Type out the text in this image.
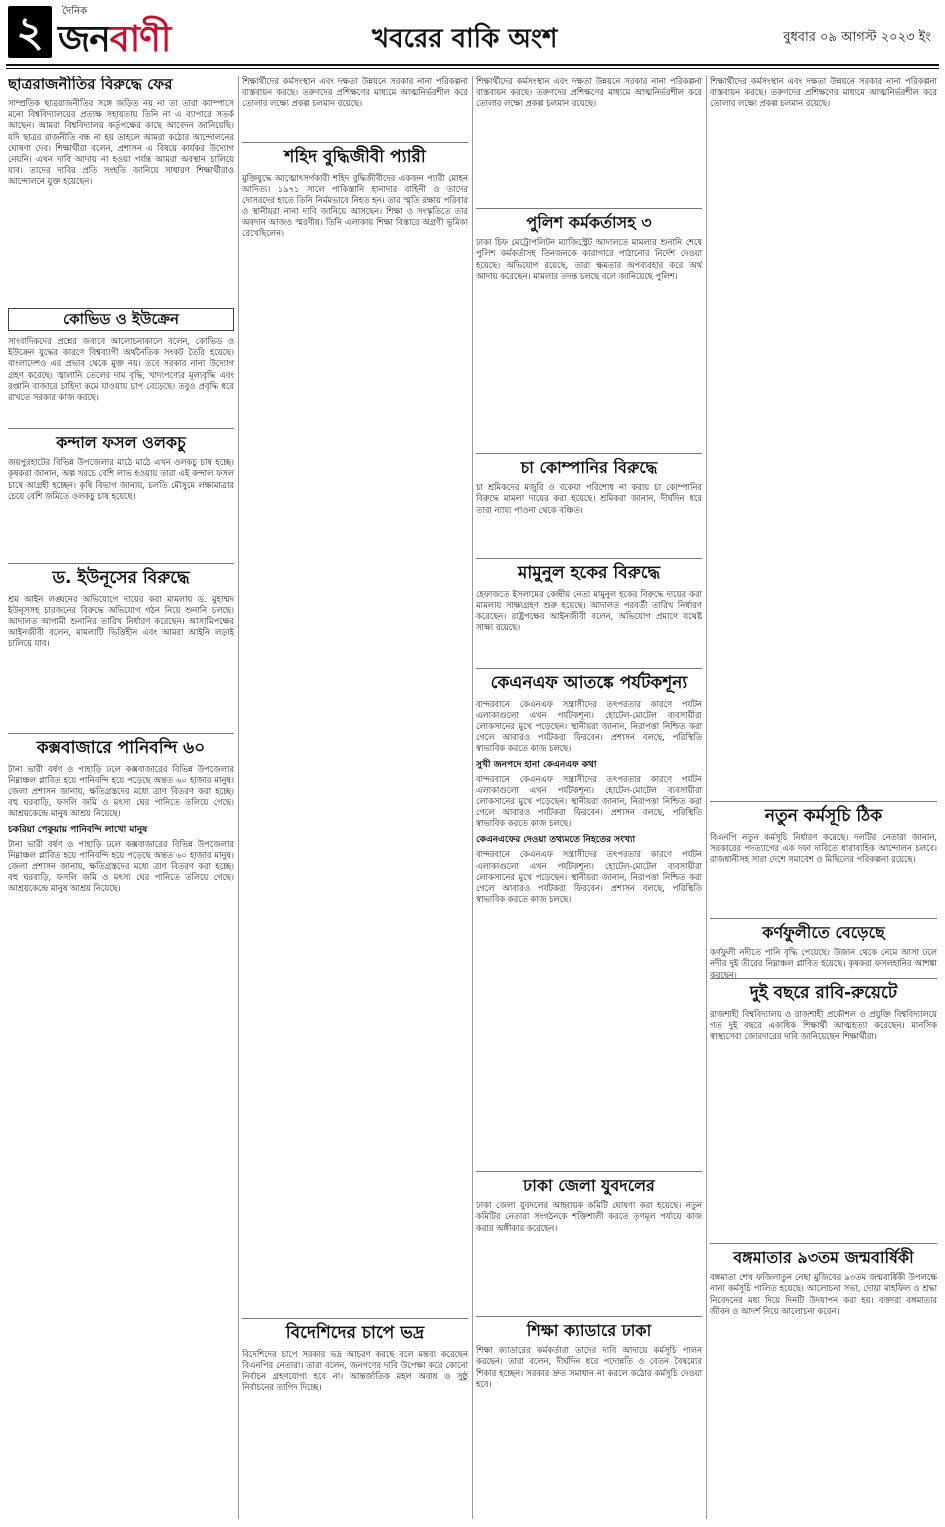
২	দৈনিক
জনবাণী	খবরের বাকি অংশ	বুধবার ০৯ আগস্ট ২০২৩ ইং
ছাত্ররাজনীতির বিরুদ্ধে ফের

সাম্প্রতিক ছাত্ররাজনীতির সঙ্গে জড়িত নয় না তা তারা ক্যাম্পাসে মনো বিশ্ববিদ্যালয়ের প্রত্যক্ষ সহায়তায় তিনি না এ ব্যাপারে সতর্ক আছেন। আমরা বিশ্ববিদ্যালয় কর্তৃপক্ষের কাছে আবেদন জানিয়েছি। যদি ছাত্রর রাজনীতি বন্ধ না হয় তাহলে আমরা কঠোর আন্দোলনের ঘোষণা দেব। শিক্ষার্থীরা বলেন, প্রশাসন এ বিষয়ে কার্যকর উদ্যোগ নেয়নি। এখন দাবি আদায় না হওয়া পর্যন্ত আমরা অবস্থান চালিয়ে যাব। তাদের দাবির প্রতি সংহতি জানিয়ে সাধারণ শিক্ষার্থীরাও আন্দোলনে যুক্ত হয়েছেন।

কোভিড ও ইউক্রেন

সাংবাদিকদের প্রশ্নের জবাবে আলোচনাকালে বলেন, কোভিড ও ইউক্রেন যুদ্ধের কারণে বিশ্বব্যাপী অর্থনৈতিক সংকট তৈরি হয়েছে। বাংলাদেশও এর প্রভাব থেকে মুক্ত নয়। তবে সরকার নানা উদ্যোগ গ্রহণ করেছে। জ্বালানি তেলের দাম বৃদ্ধি, খাদ্যপণ্যের মূল্যবৃদ্ধি এবং রপ্তানি বাজারে চাহিদা কমে যাওয়ায় চাপ বেড়েছে। তবুও প্রবৃদ্ধি ধরে রাখতে সরকার কাজ করছে।

কন্দাল ফসল ওলকচু

জয়পুরহাটের বিভিন্ন উপজেলার মাঠে মাঠে এখন ওলকচু চাষ হচ্ছে। কৃষকরা জানান, অল্প খরচে বেশি লাভ হওয়ায় তারা এই কন্দাল ফসল চাষে আগ্রহী হচ্ছেন। কৃষি বিভাগ জানায়, চলতি মৌসুমে লক্ষ্যমাত্রার চেয়ে বেশি জমিতে ওলকচু চাষ হয়েছে।

ড. ইউনূসের বিরুদ্ধে

শ্রম আইন লঙ্ঘনের অভিযোগে দায়ের করা মামলায় ড. মুহাম্মদ ইউনূসসহ চারজনের বিরুদ্ধে অভিযোগ গঠন নিয়ে শুনানি চলছে। আদালত আগামী শুনানির তারিখ নির্ধারণ করেছেন। আসামিপক্ষের আইনজীবী বলেন, মামলাটি ভিত্তিহীন এবং আমরা আইনি লড়াই চালিয়ে যাব।

কক্সবাজারে পানিবন্দি ৬০

টানা ভারী বর্ষণ ও পাহাড়ি ঢলে কক্সবাজারের বিভিন্ন উপজেলার নিম্নাঞ্চল প্লাবিত হয়ে পানিবন্দি হয়ে পড়েছে অন্তত ৬০ হাজার মানুষ। জেলা প্রশাসন জানায়, ক্ষতিগ্রস্তদের মধ্যে ত্রাণ বিতরণ করা হচ্ছে। বহু ঘরবাড়ি, ফসলি জমি ও মৎস্য ঘের পানিতে তলিয়ে গেছে। আশ্রয়কেন্দ্রে মানুষ আশ্রয় নিয়েছে।

চকরিয়া পেকুয়ায় পানিবন্দি লাখো মানুষ

টানা ভারী বর্ষণ ও পাহাড়ি ঢলে কক্সবাজারের বিভিন্ন উপজেলার নিম্নাঞ্চল প্লাবিত হয়ে পানিবন্দি হয়ে পড়েছে অন্তত ৬০ হাজার মানুষ। জেলা প্রশাসন জানায়, ক্ষতিগ্রস্তদের মধ্যে ত্রাণ বিতরণ করা হচ্ছে। বহু ঘরবাড়ি, ফসলি জমি ও মৎস্য ঘের পানিতে তলিয়ে গেছে। আশ্রয়কেন্দ্রে মানুষ আশ্রয় নিয়েছে।

শিক্ষার্থীদের কর্মসংস্থান এবং দক্ষতা উন্নয়নে সরকার নানা পরিকল্পনা বাস্তবায়ন করছে। তরুণদের প্রশিক্ষণের মাধ্যমে আত্মনির্ভরশীল করে তোলার লক্ষ্যে প্রকল্প চলমান রয়েছে।

শহিদ বুদ্ধিজীবী প্যারী

মুক্তিযুদ্ধে আত্মোৎসর্গকারী শহিদ বুদ্ধিজীবীদের একজন প্যারী মোহন আদিত্য। ১৯৭১ সালে পাকিস্তানি হানাদার বাহিনী ও তাদের দোসরদের হাতে তিনি নির্মমভাবে নিহত হন। তার স্মৃতি রক্ষায় পরিবার ও স্থানীয়রা নানা দাবি জানিয়ে আসছেন। শিক্ষা ও সংস্কৃতিতে তার অবদান আজও স্মরণীয়। তিনি এলাকায় শিক্ষা বিস্তারে অগ্রণী ভূমিকা রেখেছিলেন।

বিদেশিদের চাপে ভদ্র

বিদেশিদের চাপে সরকার ভদ্র আচরণ করছে বলে মন্তব্য করেছেন বিএনপির নেতারা। তারা বলেন, জনগণের দাবি উপেক্ষা করে কোনো নির্বাচন গ্রহণযোগ্য হবে না। আন্তর্জাতিক মহল অবাধ ও সুষ্ঠু নির্বাচনের তাগিদ দিচ্ছে।

শিক্ষার্থীদের কর্মসংস্থান এবং দক্ষতা উন্নয়নে সরকার নানা পরিকল্পনা বাস্তবায়ন করছে। তরুণদের প্রশিক্ষণের মাধ্যমে আত্মনির্ভরশীল করে তোলার লক্ষ্যে প্রকল্প চলমান রয়েছে।

পুলিশ কর্মকর্তাসহ ৩

ঢাকা চিফ মেট্রোপলিটন ম্যাজিস্ট্রেট আদালতে মামলার শুনানি শেষে পুলিশ কর্মকর্তাসহ তিনজনকে কারাগারে পাঠানোর নির্দেশ দেওয়া হয়েছে। অভিযোগ রয়েছে, তারা ক্ষমতার অপব্যবহার করে অর্থ আদায় করেছেন। মামলার তদন্ত চলছে বলে জানিয়েছে পুলিশ।

চা কোম্পানির বিরুদ্ধে

চা শ্রমিকদের মজুরি ও বকেয়া পরিশোধ না করায় চা কোম্পানির বিরুদ্ধে মামলা দায়ের করা হয়েছে। শ্রমিকরা জানান, দীর্ঘদিন ধরে তারা ন্যায্য পাওনা থেকে বঞ্চিত।

মামুনুল হকের বিরুদ্ধে

হেফাজতে ইসলামের কেন্দ্রীয় নেতা মামুনুল হকের বিরুদ্ধে দায়ের করা মামলায় সাক্ষ্যগ্রহণ শুরু হয়েছে। আদালত পরবর্তী তারিখ নির্ধারণ করেছেন। রাষ্ট্রপক্ষের আইনজীবী বলেন, অভিযোগ প্রমাণে যথেষ্ট সাক্ষ্য রয়েছে।

কেএনএফ আতঙ্কে পর্যটকশূন্য

বান্দরবানে কেএনএফ সন্ত্রাসীদের তৎপরতার কারণে পর্যটন এলাকাগুলো এখন পর্যটকশূন্য। হোটেল-মোটেল ব্যবসায়ীরা লোকসানের মুখে পড়েছেন। স্থানীয়রা জানান, নিরাপত্তা নিশ্চিত করা গেলে আবারও পর্যটকরা ফিরবেন। প্রশাসন বলছে, পরিস্থিতি স্বাভাবিক করতে কাজ চলছে।

সুখী জনপদে হানা কেএনএফ কথা

বান্দরবানে কেএনএফ সন্ত্রাসীদের তৎপরতার কারণে পর্যটন এলাকাগুলো এখন পর্যটকশূন্য। হোটেল-মোটেল ব্যবসায়ীরা লোকসানের মুখে পড়েছেন। স্থানীয়রা জানান, নিরাপত্তা নিশ্চিত করা গেলে আবারও পর্যটকরা ফিরবেন। প্রশাসন বলছে, পরিস্থিতি স্বাভাবিক করতে কাজ চলছে।

কেএনএফের দেওয়া তথ্যমতে নিহতের সংখ্যা

বান্দরবানে কেএনএফ সন্ত্রাসীদের তৎপরতার কারণে পর্যটন এলাকাগুলো এখন পর্যটকশূন্য। হোটেল-মোটেল ব্যবসায়ীরা লোকসানের মুখে পড়েছেন। স্থানীয়রা জানান, নিরাপত্তা নিশ্চিত করা গেলে আবারও পর্যটকরা ফিরবেন। প্রশাসন বলছে, পরিস্থিতি স্বাভাবিক করতে কাজ চলছে।

ঢাকা জেলা যুবদলের

ঢাকা জেলা যুবদলের আহ্বায়ক কমিটি ঘোষণা করা হয়েছে। নতুন কমিটির নেতারা সংগঠনকে শক্তিশালী করতে তৃণমূল পর্যায়ে কাজ করার অঙ্গীকার করেছেন।

শিক্ষা ক্যাডারে ঢাকা

শিক্ষা ক্যাডারের কর্মকর্তারা তাদের দাবি আদায়ে কর্মসূচি পালন করছেন। তারা বলেন, দীর্ঘদিন ধরে পদোন্নতি ও বেতন বৈষম্যের শিকার হচ্ছেন। সরকার দ্রুত সমাধান না করলে কঠোর কর্মসূচি দেওয়া হবে।

শিক্ষার্থীদের কর্মসংস্থান এবং দক্ষতা উন্নয়নে সরকার নানা পরিকল্পনা বাস্তবায়ন করছে। তরুণদের প্রশিক্ষণের মাধ্যমে আত্মনির্ভরশীল করে তোলার লক্ষ্যে প্রকল্প চলমান রয়েছে।

নতুন কর্মসূচি ঠিক

বিএনপি নতুন কর্মসূচি নির্ধারণ করেছে। দলটির নেতারা জানান, সরকারের পদত্যাগের এক দফা দাবিতে ধারাবাহিক আন্দোলন চলবে। রাজধানীসহ সারা দেশে সমাবেশ ও মিছিলের পরিকল্পনা রয়েছে।

কর্ণফুলীতে বেড়েছে

কর্ণফুলী নদীতে পানি বৃদ্ধি পেয়েছে। উজান থেকে নেমে আসা ঢলে নদীর দুই তীরের নিম্নাঞ্চল প্লাবিত হয়েছে। কৃষকরা ফসলহানির আশঙ্কা করছেন।

দুই বছরে রাবি-রুয়েটে

রাজশাহী বিশ্ববিদ্যালয় ও রাজশাহী প্রকৌশল ও প্রযুক্তি বিশ্ববিদ্যালয়ে গত দুই বছরে একাধিক শিক্ষার্থী আত্মহত্যা করেছেন। মানসিক স্বাস্থ্যসেবা জোরদারের দাবি জানিয়েছেন শিক্ষার্থীরা।

বঙ্গমাতার ৯৩তম জন্মবার্ষিকী

বঙ্গমাতা শেখ ফজিলাতুন নেছা মুজিবের ৯৩তম জন্মবার্ষিকী উপলক্ষে নানা কর্মসূচি পালিত হয়েছে। আলোচনা সভা, দোয়া মাহফিল ও শ্রদ্ধা নিবেদনের মধ্য দিয়ে দিনটি উদযাপন করা হয়। বক্তারা বঙ্গমাতার জীবন ও আদর্শ নিয়ে আলোচনা করেন।
